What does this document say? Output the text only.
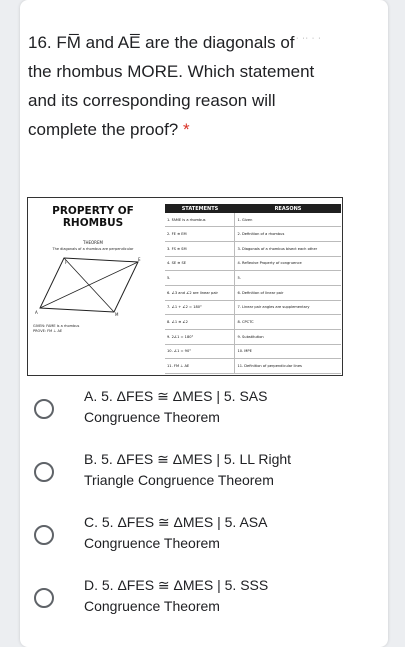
16. FM̅ and AE̅ are the diagonals of the rhombus MORE. Which statement and its corresponding reason will complete the proof? *
· ·· · ·
PROPERTY OF RHOMBUS
THEOREM
The diagonals of a rhombus are perpendicular
F
E
A	M
GIVEN: FAME is a rhombus
PROVE: FM ⊥ AE
STATEMENTS	REASONS
1. FAME is a rhombus	1. Given
2. FE ≅ EM	2. Definition of a rhombus
3. FS ≅ SM	3. Diagonals of a rhombus bisect each other
4. SE ≅ SE	4. Reflexive Property of congruence
5.	5.
6. ∠3 and ∠2 are linear pair	6. Definition of linear pair
7. ∠1 + ∠2 = 180°	7. Linear pair angles are supplementary
8. ∠1 ≅ ∠2	8. CPCTC
9. 2∠1 = 180°	9. Substitution
10. ∠1 = 90°	10. MPE
11. FM ⊥ AE	11. Definition of perpendicular lines
A. 5. ΔFES ≅ ΔMES | 5. SAS Congruence Theorem
B. 5. ΔFES ≅ ΔMES | 5. LL Right Triangle Congruence Theorem
C. 5. ΔFES ≅ ΔMES | 5. ASA Congruence Theorem
D. 5. ΔFES ≅ ΔMES | 5. SSS Congruence Theorem
